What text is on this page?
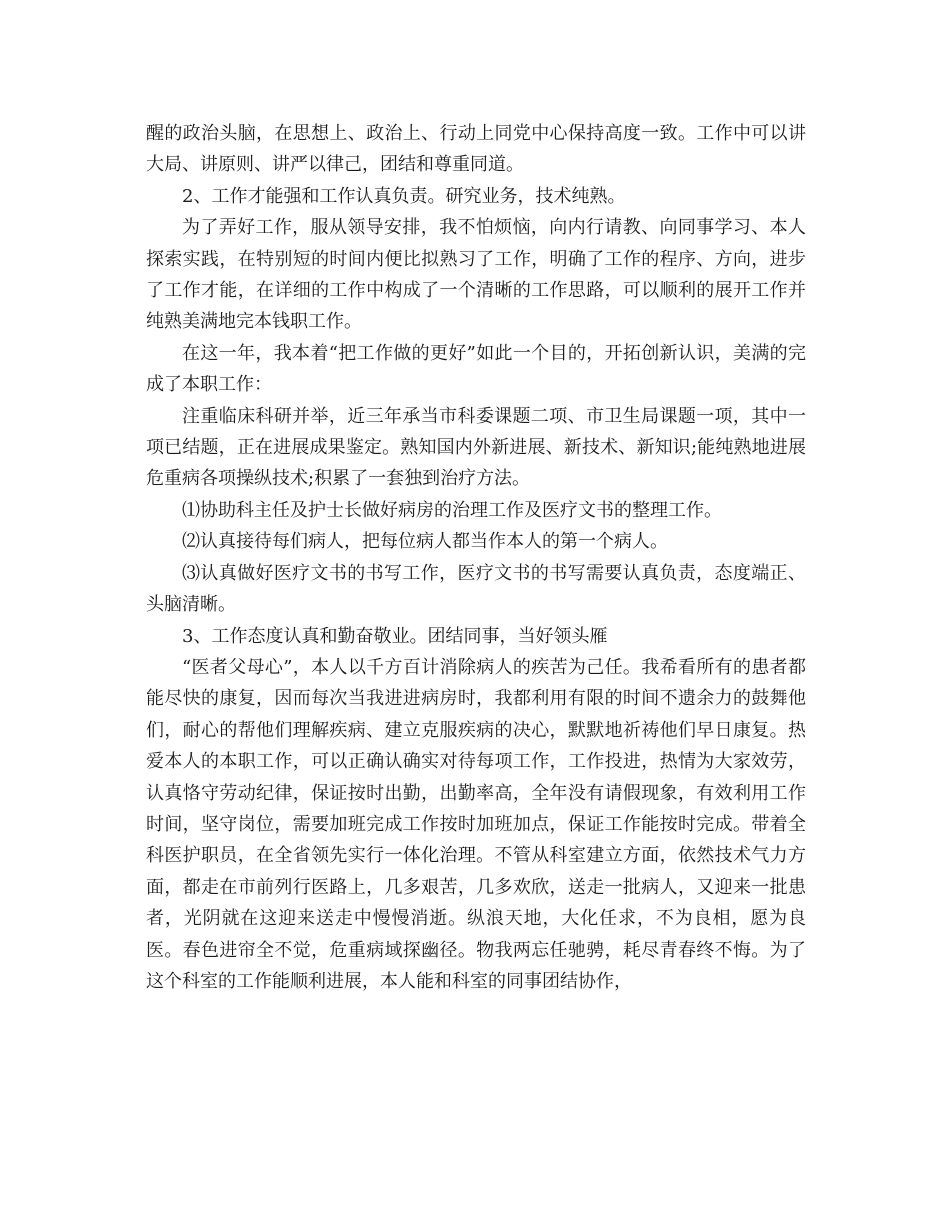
醒的政治头脑，在思想上、政治上、行动上同党中心保持高度一致。工作中可以讲大局、讲原则、讲严以律己，团结和尊重同道。

2、工作才能强和工作认真负责。研究业务，技术纯熟。

为了弄好工作，服从领导安排，我不怕烦恼，向内行请教、向同事学习、本人探索实践，在特别短的时间内便比拟熟习了工作，明确了工作的程序、方向，进步了工作才能，在详细的工作中构成了一个清晰的工作思路，可以顺利的展开工作并纯熟美满地完本钱职工作。

在这一年，我本着“把工作做的更好”如此一个目的，开拓创新认识，美满的完成了本职工作：

注重临床科研并举，近三年承当市科委课题二项、市卫生局课题一项，其中一项已结题，正在进展成果鉴定。熟知国内外新进展、新技术、新知识;能纯熟地进展危重病各项操纵技术;积累了一套独到治疗方法。

⑴协助科主任及护士长做好病房的治理工作及医疗文书的整理工作。

⑵认真接待每们病人，把每位病人都当作本人的第一个病人。

⑶认真做好医疗文书的书写工作，医疗文书的书写需要认真负责，态度端正、头脑清晰。

3、工作态度认真和勤奋敬业。团结同事，当好领头雁

“医者父母心”，本人以千方百计消除病人的疾苦为己任。我希看所有的患者都能尽快的康复，因而每次当我进进病房时，我都利用有限的时间不遗余力的鼓舞他们，耐心的帮他们理解疾病、建立克服疾病的决心，默默地祈祷他们早日康复。热爱本人的本职工作，可以正确认确实对待每项工作，工作投进，热情为大家效劳，认真恪守劳动纪律，保证按时出勤，出勤率高，全年没有请假现象，有效利用工作时间，坚守岗位，需要加班完成工作按时加班加点，保证工作能按时完成。带着全科医护职员，在全省领先实行一体化治理。不管从科室建立方面，依然技术气力方面，都走在市前列行医路上，几多艰苦，几多欢欣，送走一批病人，又迎来一批患者，光阴就在这迎来送走中慢慢消逝。纵浪天地，大化任求，不为良相，愿为良医。春色进帘全不觉，危重病域探幽径。物我两忘任驰骋，耗尽青春终不悔。为了这个科室的工作能顺利进展，本人能和科室的同事团结协作，
